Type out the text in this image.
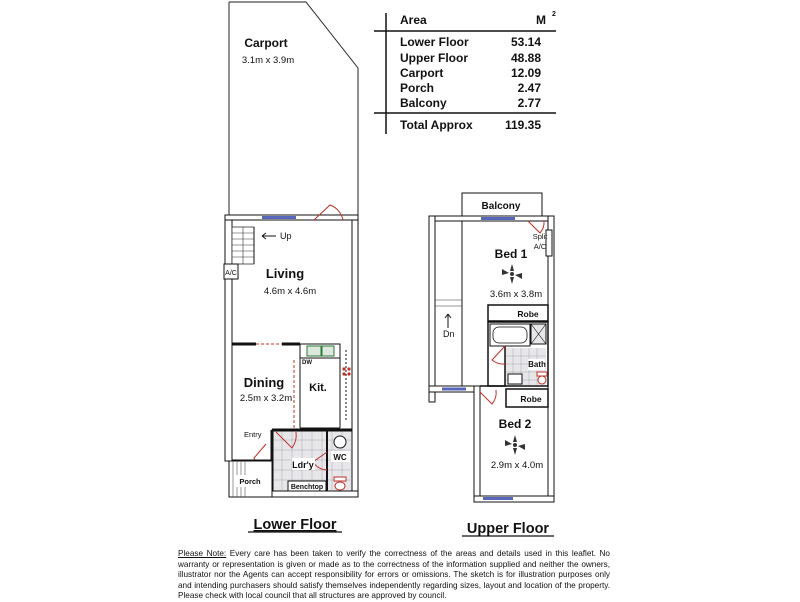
Area	M 2
Lower Floor	53.14
Upper Floor	48.88
Carport	12.09
Porch	2.47
Balcony	2.77
Total Approx	119.35
Up
A/C Living
4.6m x 4.6m
DW
Kit.
Dining
2.5m x 3.2m
WC
Ldr'y
Benchtop
Entry
Porch
Carport
3.1m x 3.9m
Lower Floor
Balcony
Split
A/C
Dn
Bed 1
3.6m x 3.8m
Robe
Bath
Robe
Bed 2
2.9m x 4.0m
Upper Floor
Please Note: Every care has been taken to verify the correctness of the areas and details used in this leaflet. No warranty or representation is given or made as to the correctness of the information supplied and neither the owners, illustrator nor the Agents can accept responsibility for errors or omissions. The sketch is for illustration purposes only and intending purchasers should satisfy themselves independently regarding sizes, layout and location of the property. Please check with local council that all structures are approved by council.
